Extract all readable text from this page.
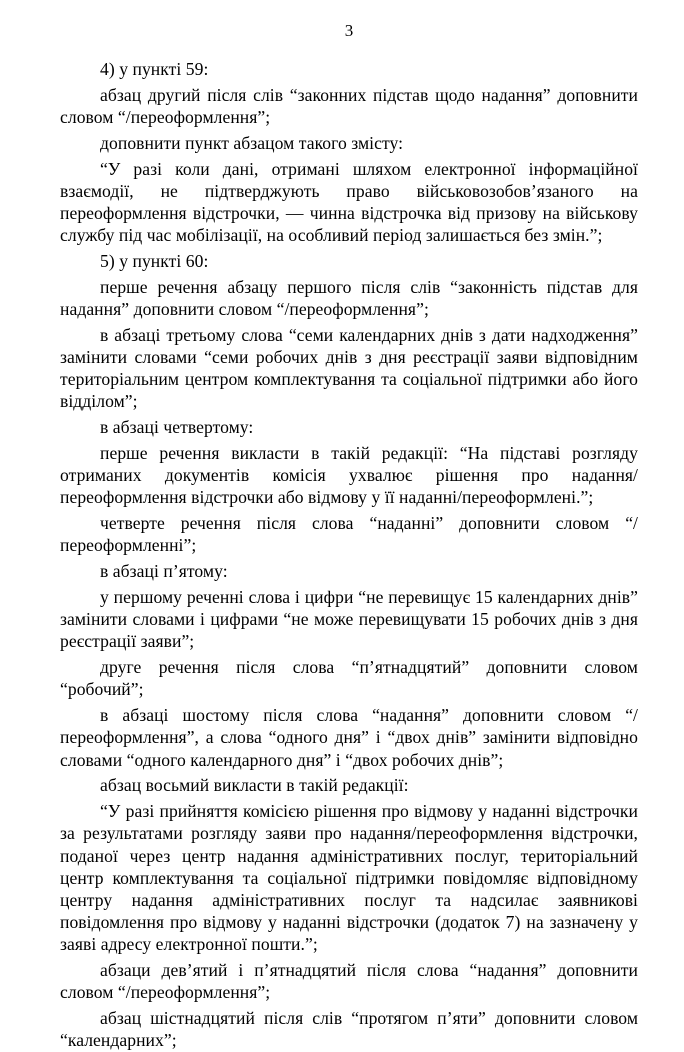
3

4) у пункті 59:

абзац другий після слів “законних підстав щодо надання” доповнити словом “/переоформлення”;

доповнити пункт абзацом такого змісту:

“У разі коли дані, отримані шляхом електронної інформаційної взаємодії, не підтверджують право військовозобов’язаного на переоформлення відстрочки, — чинна відстрочка від призову на військову службу під час мобілізації, на особливий період залишається без змін.”;

5) у пункті 60:

перше речення абзацу першого після слів “законність підстав для надання” доповнити словом “/переоформлення”;

в абзаці третьому слова “семи календарних днів з дати надходження” замінити словами “семи робочих днів з дня реєстрації заяви відповідним територіальним центром комплектування та соціальної підтримки або його відділом”;

в абзаці четвертому:

перше речення викласти в такій редакції: “На підставі розгляду отриманих документів комісія ухвалює рішення про надання/ переоформлення відстрочки або відмову у її наданні/переоформлені.”;

четверте речення після слова “наданні” доповнити словом “/переоформленні”;

в абзаці п’ятому:

у першому реченні слова і цифри “не перевищує 15 календарних днів” замінити словами і цифрами “не може перевищувати 15 робочих днів з дня реєстрації заяви”;

друге речення після слова “п’ятнадцятий” доповнити словом “робочий”;

в абзаці шостому після слова “надання” доповнити словом “/переоформлення”, а слова “одного дня” і “двох днів” замінити відповідно словами “одного календарного дня” і “двох робочих днів”;

абзац восьмий викласти в такій редакції:

“У разі прийняття комісією рішення про відмову у наданні відстрочки за результатами розгляду заяви про надання/переоформлення відстрочки, поданої через центр надання адміністративних послуг, територіальний центр комплектування та соціальної підтримки повідомляє відповідному центру надання адміністративних послуг та надсилає заявникові повідомлення про відмову у наданні відстрочки (додаток 7) на зазначену у заяві адресу електронної пошти.”;

абзаци дев’ятий і п’ятнадцятий після слова “надання” доповнити словом “/переоформлення”;

абзац шістнадцятий після слів “протягом п’яти” доповнити словом “календарних”;
